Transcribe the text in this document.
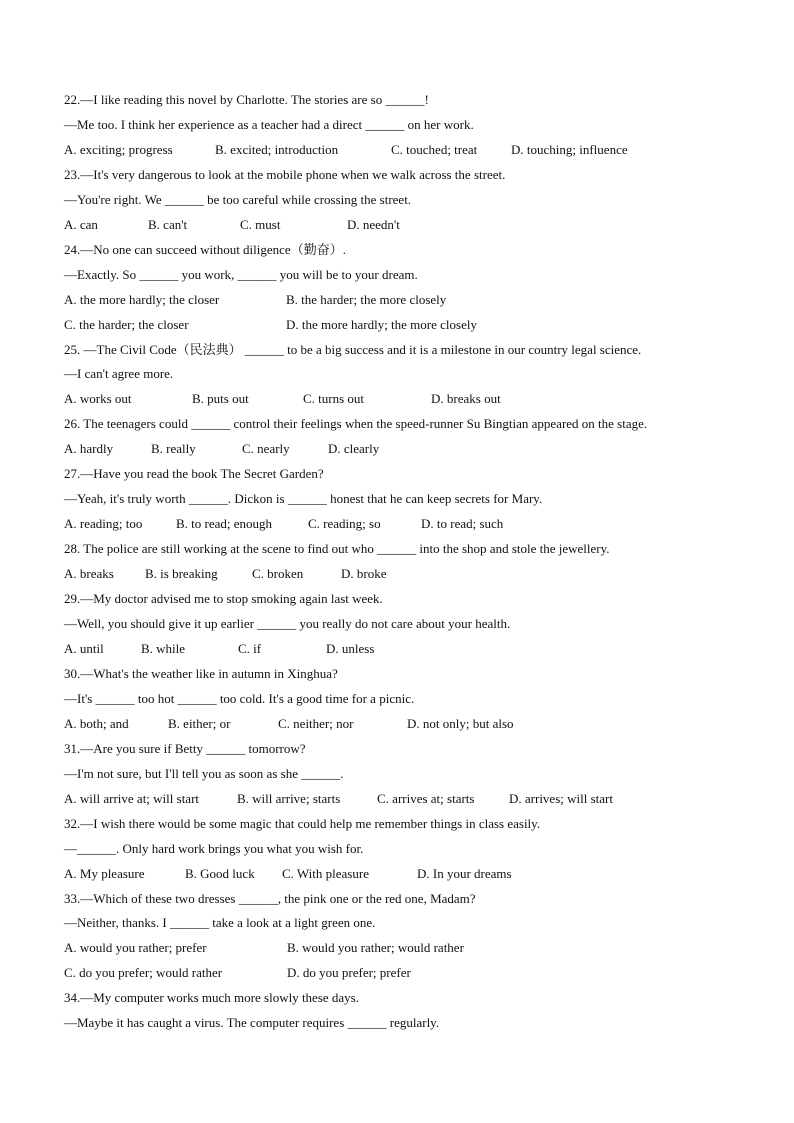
22.—I like reading this novel by Charlotte. The stories are so ______!
—Me too. I think her experience as a teacher had a direct ______ on her work.
A. exciting; progress	B. excited; introduction	C. touched; treat	D. touching; influence
23.—It's very dangerous to look at the mobile phone when we walk across the street.
—You're right. We ______ be too careful while crossing the street.
A. can	B. can't	C. must	D. needn't
24.—No one can succeed without diligence（勤奋）.
—Exactly. So ______ you work, ______ you will be to your dream.
A. the more hardly; the closer	B. the harder; the more closely
C. the harder; the closer	D. the more hardly; the more closely
25. —The Civil Code（民法典） ______ to be a big success and it is a milestone in our country legal science.
—I can't agree more.
A. works out	B. puts out	C. turns out	D. breaks out
26. The teenagers could ______ control their feelings when the speed-runner Su Bingtian appeared on the stage.
A. hardly	B. really	C. nearly	D. clearly
27.—Have you read the book The Secret Garden?
—Yeah, it's truly worth ______. Dickon is ______ honest that he can keep secrets for Mary.
A. reading; too	B. to read; enough	C. reading; so	D. to read; such
28. The police are still working at the scene to find out who ______ into the shop and stole the jewellery.
A. breaks B. is breaking	C. broken	D. broke
29.—My doctor advised me to stop smoking again last week.
—Well, you should give it up earlier ______ you really do not care about your health.
A. until	B. while	C. if	D. unless
30.—What's the weather like in autumn in Xinghua?
—It's ______ too hot ______ too cold. It's a good time for a picnic.
A. both; and	B. either; or	C. neither; nor	D. not only; but also
31.—Are you sure if Betty ______ tomorrow?
—I'm not sure, but I'll tell you as soon as she ______.
A. will arrive at; will start	B. will arrive; starts	C. arrives at; starts	D. arrives; will start
32.—I wish there would be some magic that could help me remember things in class easily.
—______. Only hard work brings you what you wish for.
A. My pleasure	B. Good luck C. With pleasure	D. In your dreams
33.—Which of these two dresses ______, the pink one or the red one, Madam?
—Neither, thanks. I ______ take a look at a light green one.
A. would you rather; prefer	B. would you rather; would rather
C. do you prefer; would rather	D. do you prefer; prefer
34.—My computer works much more slowly these days.
—Maybe it has caught a virus. The computer requires ______ regularly.
